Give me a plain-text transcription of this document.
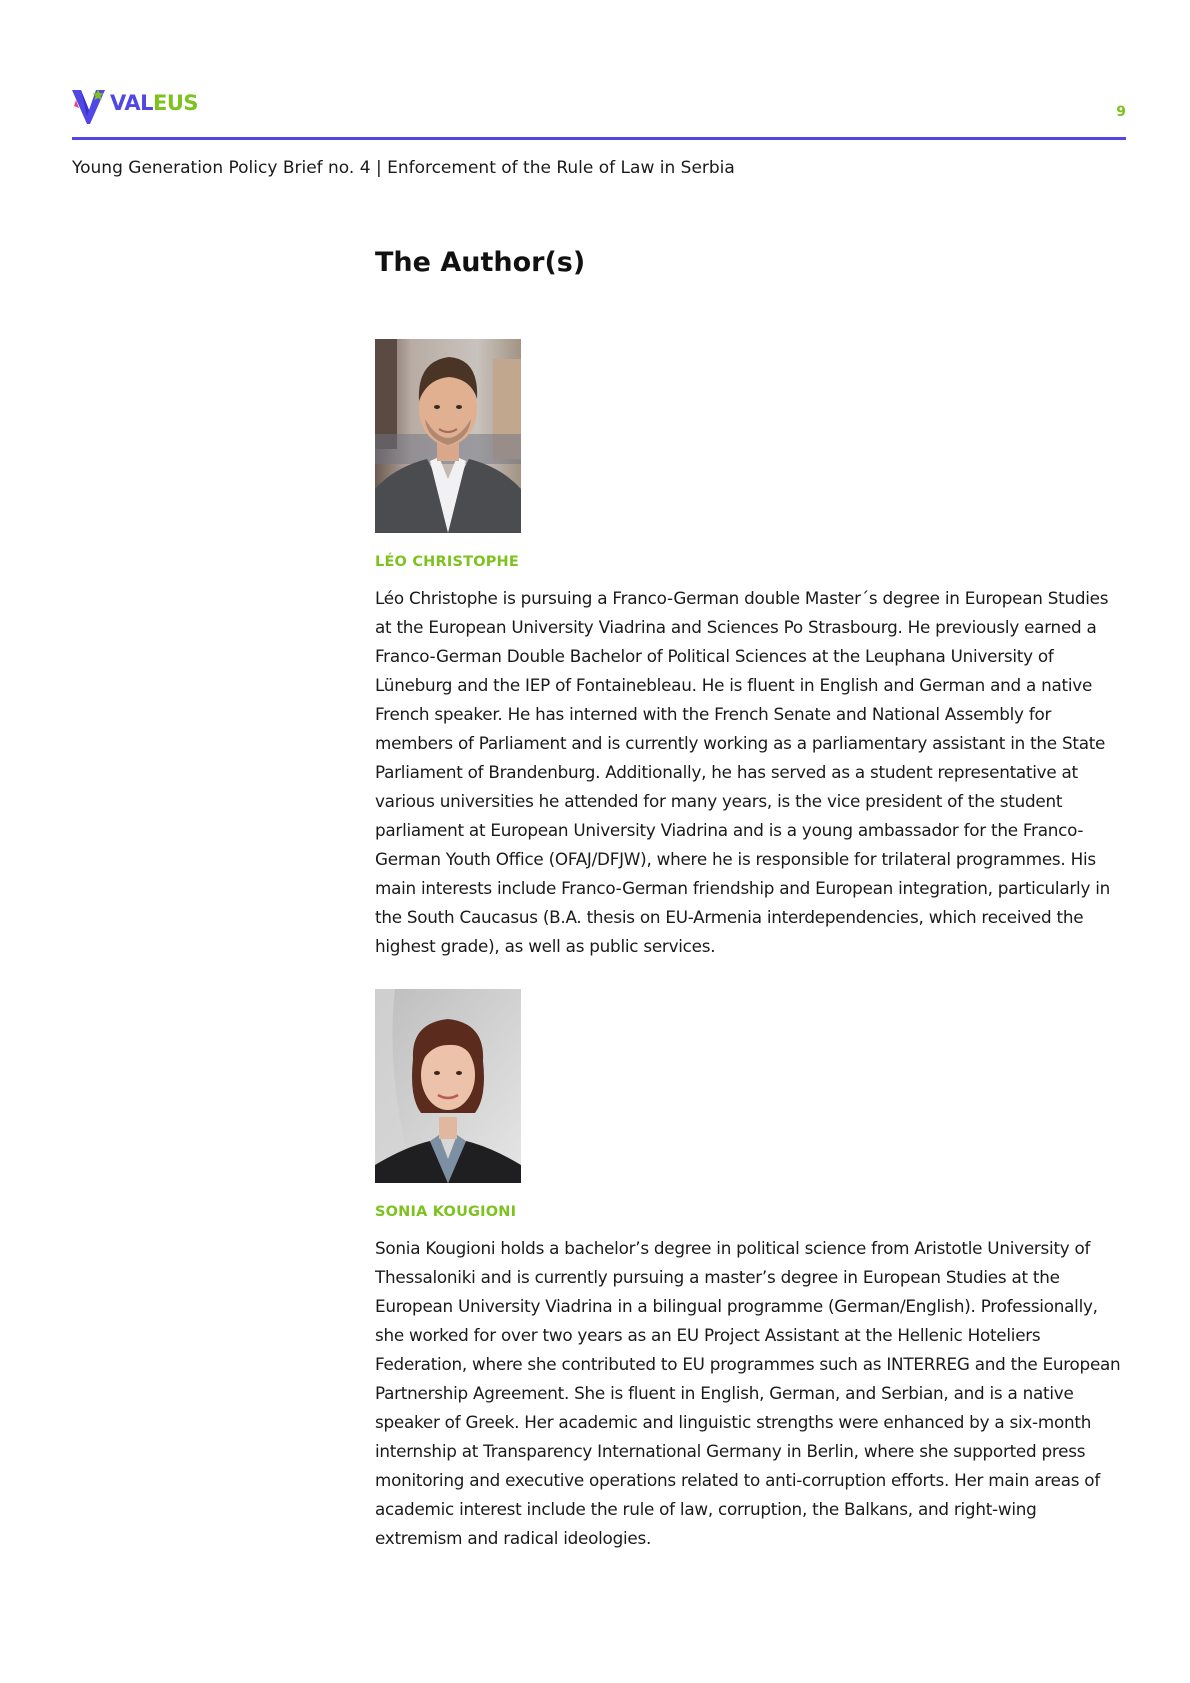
VALEUS	9
Young Generation Policy Brief no. 4 | Enforcement of the Rule of Law in Serbia
The Author(s)
LÉO CHRISTOPHE
Léo Christophe is pursuing a Franco-German double Master´s degree in European Studies at the European University Viadrina and Sciences Po Strasbourg. He previously earned a Franco-German Double Bachelor of Political Sciences at the Leuphana University of Lüneburg and the IEP of Fontainebleau. He is fluent in English and German and a native French speaker. He has interned with the French Senate and National Assembly for members of Parliament and is currently working as a parliamentary assistant in the State Parliament of Brandenburg. Additionally, he has served as a student representative at various universities he attended for many years, is the vice president of the student parliament at European University Viadrina and is a young ambassador for the Franco-German Youth Office (OFAJ/DFJW), where he is responsible for trilateral programmes. His main interests include Franco-German friendship and European integration, particularly in the South Caucasus (B.A. thesis on EU-Armenia interdependencies, which received the highest grade), as well as public services.
SONIA KOUGIONI
Sonia Kougioni holds a bachelor’s degree in political science from Aristotle University of Thessaloniki and is currently pursuing a master’s degree in European Studies at the European University Viadrina in a bilingual programme (German/English). Professionally, she worked for over two years as an EU Project Assistant at the Hellenic Hoteliers Federation, where she contributed to EU programmes such as INTERREG and the European Partnership Agreement. She is fluent in English, German, and Serbian, and is a native speaker of Greek. Her academic and linguistic strengths were enhanced by a six-month internship at Transparency International Germany in Berlin, where she supported press monitoring and executive operations related to anti-corruption efforts. Her main areas of academic interest include the rule of law, corruption, the Balkans, and right-wing extremism and radical ideologies.
